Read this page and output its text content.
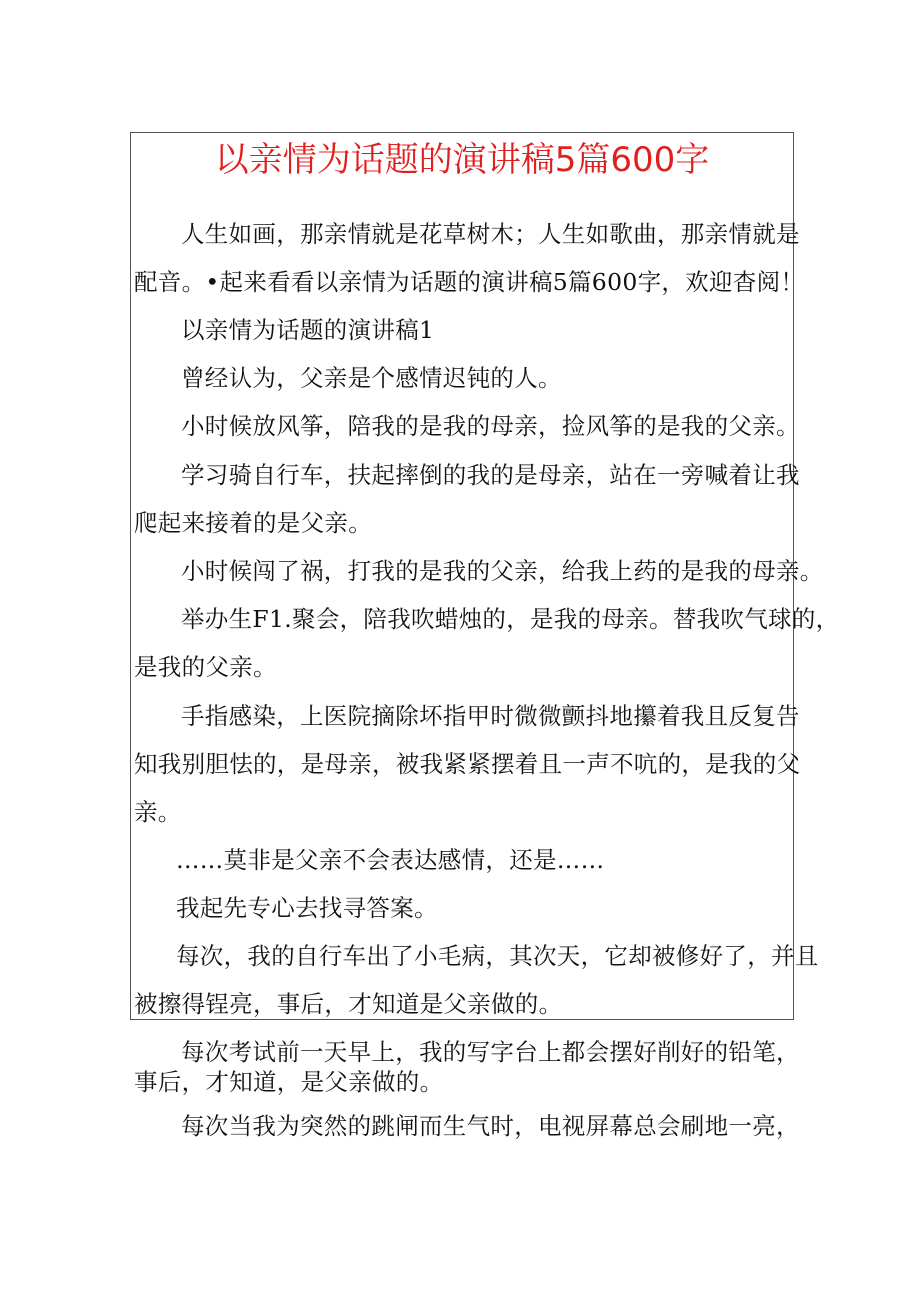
以亲情为话题的演讲稿5篇600字
人生如画，那亲情就是花草树木；人生如歌曲，那亲情就是
配音。•起来看看以亲情为话题的演讲稿5篇600字，欢迎杳阅！
以亲情为话题的演讲稿1
曾经认为，父亲是个感情迟钝的人。
小时候放风筝，陪我的是我的母亲，捡风筝的是我的父亲。
学习骑自行车，扶起摔倒的我的是母亲，站在一旁喊着让我
爬起来接着的是父亲。
小时候闯了祸，打我的是我的父亲，给我上药的是我的母亲。
举办生F1.聚会，陪我吹蜡烛的，是我的母亲。替我吹气球的，
是我的父亲。
手指感染，上医院摘除坏指甲时微微颤抖地攥着我且反复告
知我别胆怯的，是母亲，被我紧紧摆着且一声不吭的，是我的父
亲。
……莫非是父亲不会表达感情，还是……
我起先专心去找寻答案。
每次，我的自行车出了小毛病，其次天，它却被修好了，并且
被擦得锃亮，事后，才知道是父亲做的。
每次考试前一天早上，我的写字台上都会摆好削好的铅笔，
事后，才知道，是父亲做的。
每次当我为突然的跳闸而生气时，电视屏幕总会刷地一亮，
